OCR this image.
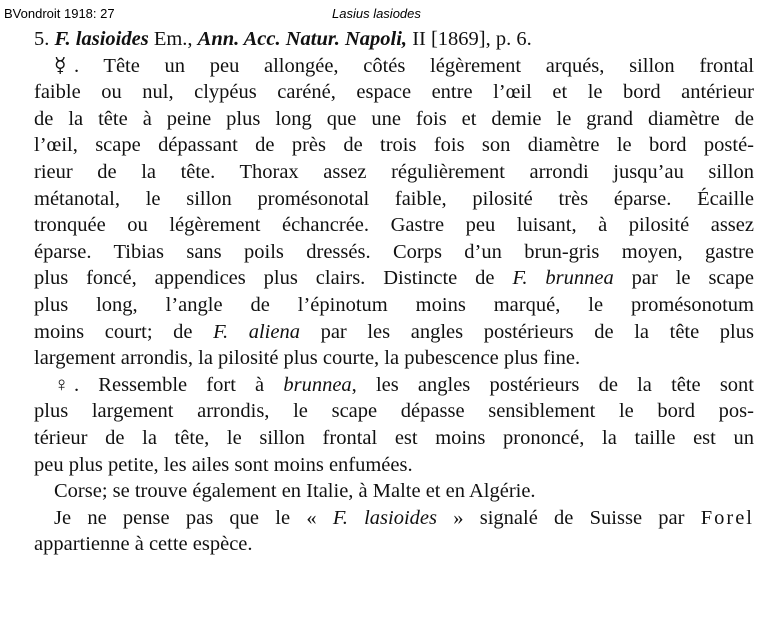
BVondroit 1918: 27	Lasius lasiodes
5. F. lasioides Em., Ann. Acc. Natur. Napoli, II [1869], p. 6.
☿ . Tête un peu allongée, côtés légèrement arqués, sillon frontal
faible ou nul, clypéus caréné, espace entre l’œil et le bord antérieur
de la tête à peine plus long que une fois et demie le grand diamètre de
l’œil, scape dépassant de près de trois fois son diamètre le bord posté-
rieur de la tête. Thorax assez régulièrement arrondi jusqu’au sillon
métanotal, le sillon promésonotal faible, pilosité très éparse. Écaille
tronquée ou légèrement échancrée. Gastre peu luisant, à pilosité assez
éparse. Tibias sans poils dressés. Corps d’un brun-gris moyen, gastre
plus foncé, appendices plus clairs. Distincte de F. brunnea par le scape
plus long, l’angle de l’épinotum moins marqué, le promésonotum
moins court; de F. aliena par les angles postérieurs de la tête plus
largement arrondis, la pilosité plus courte, la pubescence plus fine.
♀ . Ressemble fort à brunnea, les angles postérieurs de la tête sont
plus largement arrondis, le scape dépasse sensiblement le bord pos-
térieur de la tête, le sillon frontal est moins prononcé, la taille est un
peu plus petite, les ailes sont moins enfumées.
Corse; se trouve également en Italie, à Malte et en Algérie.
Je ne pense pas que le « F. lasioides » signalé de Suisse par Forel
appartienne à cette espèce.
